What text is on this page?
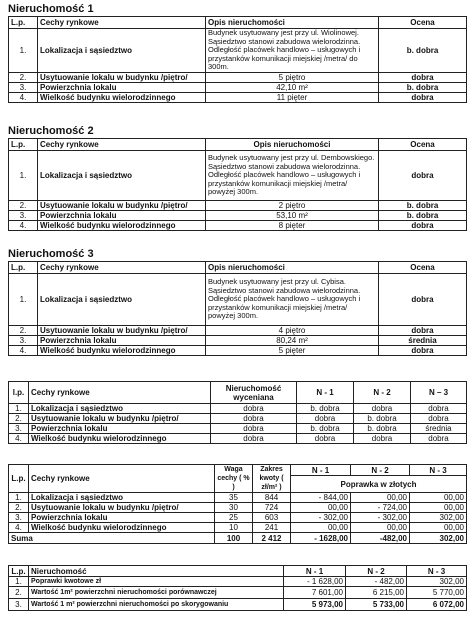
Nieruchomość 1
L.p.	Cechy rynkowe	Opis nieruchomości	Ocena
1.	Lokalizacja i sąsiedztwo	Budynek usytuowany jest przy ul. Wiolinowej. Sąsiedztwo stanowi zabudowa wielorodzinna. Odległość placówek handlowo – usługowych i przystanków komunikacji miejskiej /metra/ do 300m.	b. dobra
2.	Usytuowanie lokalu w budynku /piętro/	5 piętro	dobra
3.	Powierzchnia lokalu	42,10 m²	b. dobra
4.	Wielkość budynku wielorodzinnego	11 pięter	dobra
Nieruchomość 2
L.p.	Cechy rynkowe	Opis nieruchomości	Ocena
1.	Lokalizacja i sąsiedztwo	Budynek usytuowany jest przy ul. Dembowskiego. Sąsiedztwo stanowi zabudowa wielorodzinna. Odległość placówek handlowo – usługowych i przystanków komunikacji miejskiej /metra/ powyżej 300m.	dobra
2.	Usytuowanie lokalu w budynku /piętro/	2 piętro	b. dobra
3.	Powierzchnia lokalu	53,10 m²	b. dobra
4.	Wielkość budynku wielorodzinnego	8 pięter	dobra
Nieruchomość 3
L.p.	Cechy rynkowe	Opis nieruchomości	Ocena
1.	Lokalizacja i sąsiedztwo	Budynek usytuowany jest przy ul. Cybisa. Sąsiedztwo stanowi zabudowa wielorodzinna. Odległość placówek handlowo – usługowych i przystanków komunikacji miejskiej /metra/ powyżej 300m.	dobra
2.	Usytuowanie lokalu w budynku /piętro/	4 piętro	dobra
3.	Powierzchnia lokalu	80,24 m²	średnia
4.	Wielkość budynku wielorodzinnego	5 pięter	dobra
l.p.	Cechy rynkowe	Nieruchomość wyceniana	N - 1	N - 2	N – 3
1.	Lokalizacja i sąsiedztwo	dobra	b. dobra	dobra	dobra
2.	Usytuowanie lokalu w budynku /piętro/	dobra	dobra	b. dobra	dobra
3.	Powierzchnia lokalu	dobra	b. dobra	b. dobra	średnia
4.	Wielkość budynku wielorodzinnego	dobra	dobra	dobra	dobra
L.p.	Cechy rynkowe	Waga cechy ( % )	Zakres kwoty ( zł/m² )	N - 1	N - 2	N - 3
				Poprawka w złotych		
1.	Lokalizacja i sąsiedztwo	35	844	- 844,00	00,00	00,00
2.	Usytuowanie lokalu w budynku /piętro/	30	724	00,00	- 724,00	00,00
3.	Powierzchnia lokalu	25	603	- 302,00	- 302,00	302,00
4.	Wielkość budynku wielorodzinnego	10	241	00,00	00,00	00,00
Suma		100	2 412	- 1628,00	-482,00	302,00
L.p.	Nieruchomość	N - 1	N - 2	N - 3
1.	Poprawki kwotowe zł	- 1 628,00	- 482,00	302,00
2.	Wartość 1m² powierzchni nieruchomości porównawczej	7 601,00	6 215,00	5 770,00
3.	Wartość 1 m² powierzchni nieruchomości po skorygowaniu	5 973,00	5 733,00	6 072,00
